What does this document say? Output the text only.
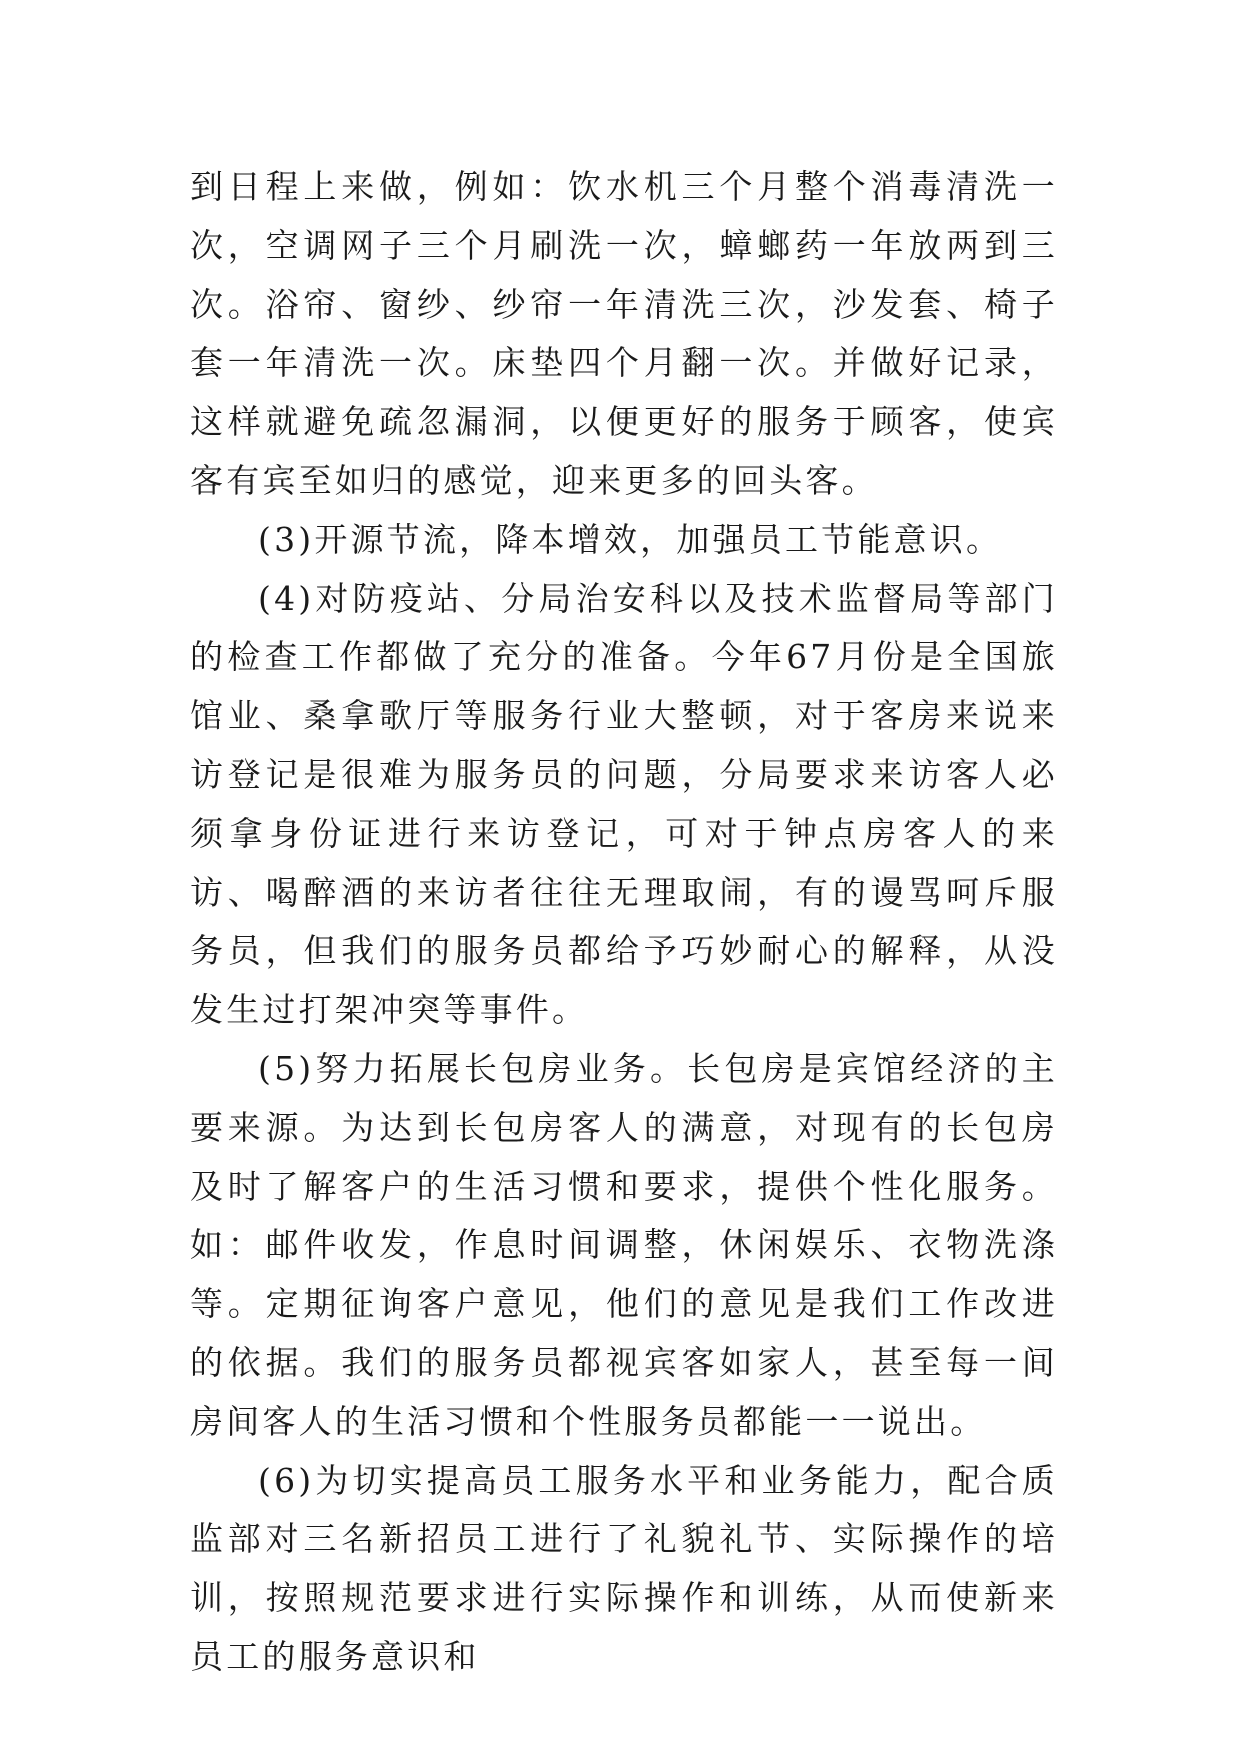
到日程上来做，例如：饮水机三个月整个消毒清洗一次，空调网子三个月刷洗一次，蟑螂药一年放两到三次。浴帘、窗纱、纱帘一年清洗三次，沙发套、椅子套一年清洗一次。床垫四个月翻一次。并做好记录，这样就避免疏忽漏洞，以便更好的服务于顾客，使宾客有宾至如归的感觉，迎来更多的回头客。

(3)开源节流，降本增效，加强员工节能意识。

(4)对防疫站、分局治安科以及技术监督局等部门的检查工作都做了充分的准备。今年67月份是全国旅馆业、桑拿歌厅等服务行业大整顿，对于客房来说来访登记是很难为服务员的问题，分局要求来访客人必须拿身份证进行来访登记，可对于钟点房客人的来访、喝醉酒的来访者往往无理取闹，有的谩骂呵斥服务员，但我们的服务员都给予巧妙耐心的解释，从没发生过打架冲突等事件。

(5)努力拓展长包房业务。长包房是宾馆经济的主要来源。为达到长包房客人的满意，对现有的长包房及时了解客户的生活习惯和要求，提供个性化服务。如：邮件收发，作息时间调整，休闲娱乐、衣物洗涤等。定期征询客户意见，他们的意见是我们工作改进的依据。我们的服务员都视宾客如家人，甚至每一间房间客人的生活习惯和个性服务员都能一一说出。

(6)为切实提高员工服务水平和业务能力，配合质监部对三名新招员工进行了礼貌礼节、实际操作的培训，按照规范要求进行实际操作和训练，从而使新来员工的服务意识和
